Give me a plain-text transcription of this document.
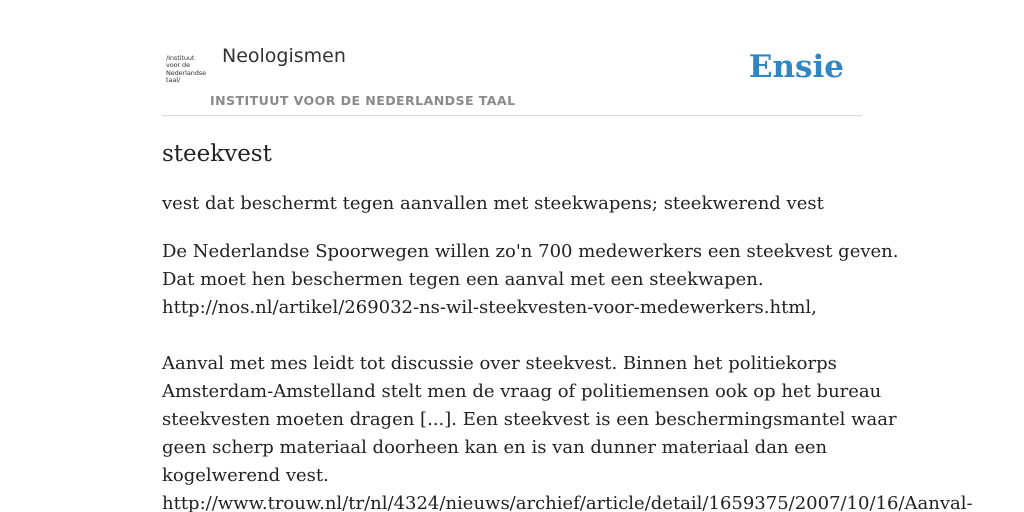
/Instituut
voor de
Nederlandse
taal/
Neologismen
INSTITUUT VOOR DE NEDERLANDSE TAAL
Ensie
steekvest
vest dat beschermt tegen aanvallen met steekwapens; steekwerend vest
De Nederlandse Spoorwegen willen zo'n 700 medewerkers een steekvest geven.
Dat moet hen beschermen tegen een aanval met een steekwapen.
http://nos.nl/artikel/269032-ns-wil-steekvesten-voor-medewerkers.html,
Aanval met mes leidt tot discussie over steekvest. Binnen het politiekorps
Amsterdam-Amstelland stelt men de vraag of politiemensen ook op het bureau
steekvesten moeten dragen [...]. Een steekvest is een beschermingsmantel waar
geen scherp materiaal doorheen kan en is van dunner materiaal dan een
kogelwerend vest.
http://www.trouw.nl/tr/nl/4324/nieuws/archief/article/detail/1659375/2007/10/16/Aanval-
